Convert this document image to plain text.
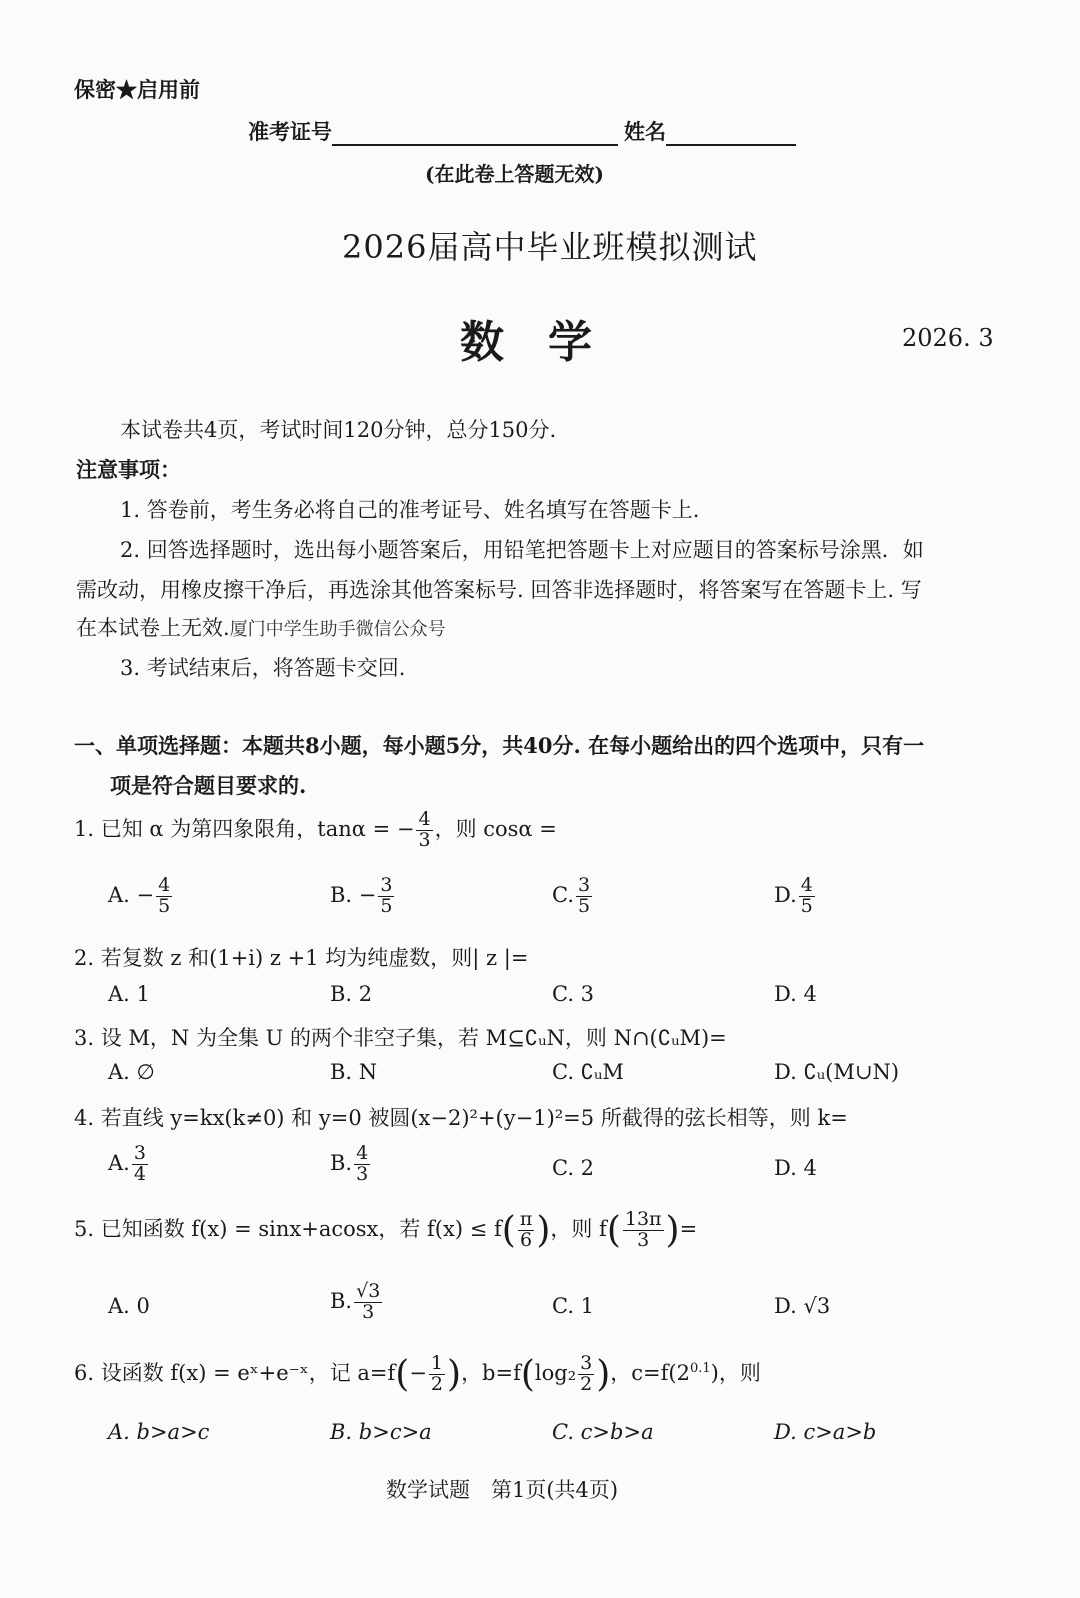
保密★启用前
准考证号	姓名
(在此卷上答题无效)
2026届高中毕业班模拟测试
数　学	2026. 3
本试卷共4页，考试时间120分钟，总分150分.
注意事项：
1. 答卷前，考生务必将自己的准考证号、姓名填写在答题卡上.
2. 回答选择题时，选出每小题答案后，用铅笔把答题卡上对应题目的答案标号涂黑．如
需改动，用橡皮擦干净后，再选涂其他答案标号. 回答非选择题时，将答案写在答题卡上. 写
在本试卷上无效.厦门中学生助手微信公众号
3. 考试结束后，将答题卡交回.
一、单项选择题：本题共8小题，每小题5分，共40分. 在每小题给出的四个选项中，只有一
项是符合题目要求的.
1. 已知 α 为第四象限角，tanα = − $\frac{4}{3}$ ，则 cosα =
A. − $\frac{4}{5}$	B. − $\frac{3}{5}$	C. $\frac{3}{5}$	D. $\frac{4}{5}$
2. 若复数 z 和(1+i) z +1 均为纯虚数，则| z |=
A. 1	B. 2	C. 3	D. 4
3. 设 M，N 为全集 U 的两个非空子集，若 M⊆∁ᵤN，则 N∩(∁ᵤM)=
A. ∅	B. N	C. ∁ᵤM	D. ∁ᵤ(M∪N)
4. 若直线 y=kx(k≠0) 和 y=0 被圆(x−2)²+(y−1)²=5 所截得的弦长相等，则 k=
A. $\frac{3}{4}$	B. $\frac{4}{3}$	C. 2	D. 4
5. 已知函数 f(x) = sinx+acosx，若 $f(x) \le f( \frac{\pi}{6}$ )，则 $f( \frac{13\pi}{3}$ )=
A. 0	B. $\frac{√3}{3}$	C. 1	D. √3
6. 设函数 f(x) = eˣ+e⁻ˣ，记 $a=f(- \frac{1}{2}$ )，$b=f(\log_2 \frac{3}{2}$ )，$c=f(2^{0.1})$，则
A. b>a>c	B. b>c>a	C. c>b>a	D. c>a>b
数学试题　第1页(共4页)
